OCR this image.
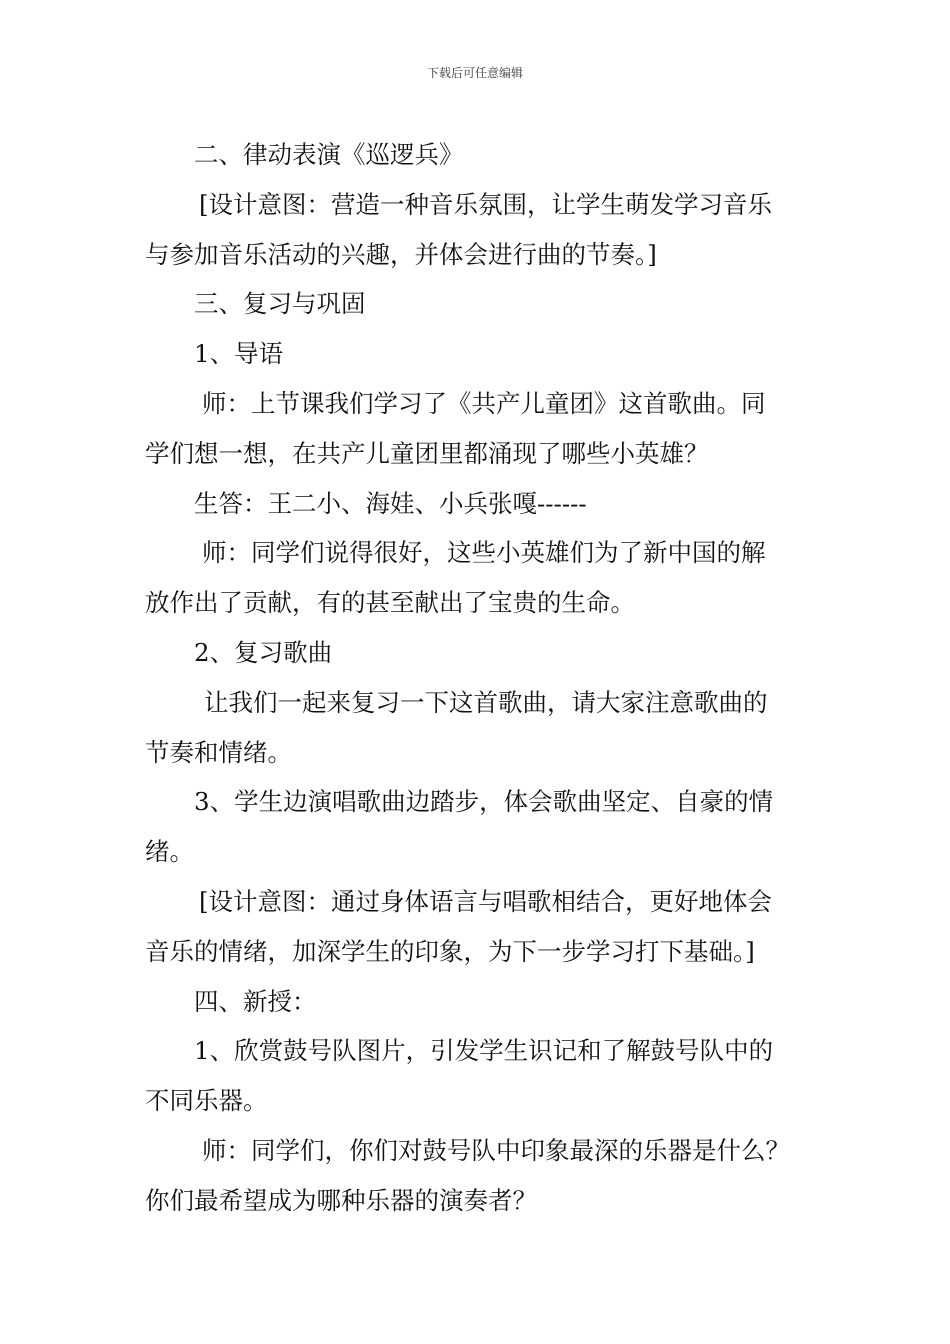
下载后可任意编辑

二、律动表演《巡逻兵》

[设计意图：营造一种音乐氛围，让学生萌发学习音乐
与参加音乐活动的兴趣，并体会进行曲的节奏。]

三、复习与巩固

1、导语

师：上节课我们学习了《共产儿童团》这首歌曲。同
学们想一想，在共产儿童团里都涌现了哪些小英雄？

生答：王二小、海娃、小兵张嘎------

师：同学们说得很好，这些小英雄们为了新中国的解
放作出了贡献，有的甚至献出了宝贵的生命。

2、复习歌曲

让我们一起来复习一下这首歌曲，请大家注意歌曲的
节奏和情绪。

3、学生边演唱歌曲边踏步，体会歌曲坚定、自豪的情
绪。

[设计意图：通过身体语言与唱歌相结合，更好地体会
音乐的情绪，加深学生的印象，为下一步学习打下基础。]

四、新授：

1、欣赏鼓号队图片，引发学生识记和了解鼓号队中的
不同乐器。

师：同学们，你们对鼓号队中印象最深的乐器是什么？
你们最希望成为哪种乐器的演奏者？
